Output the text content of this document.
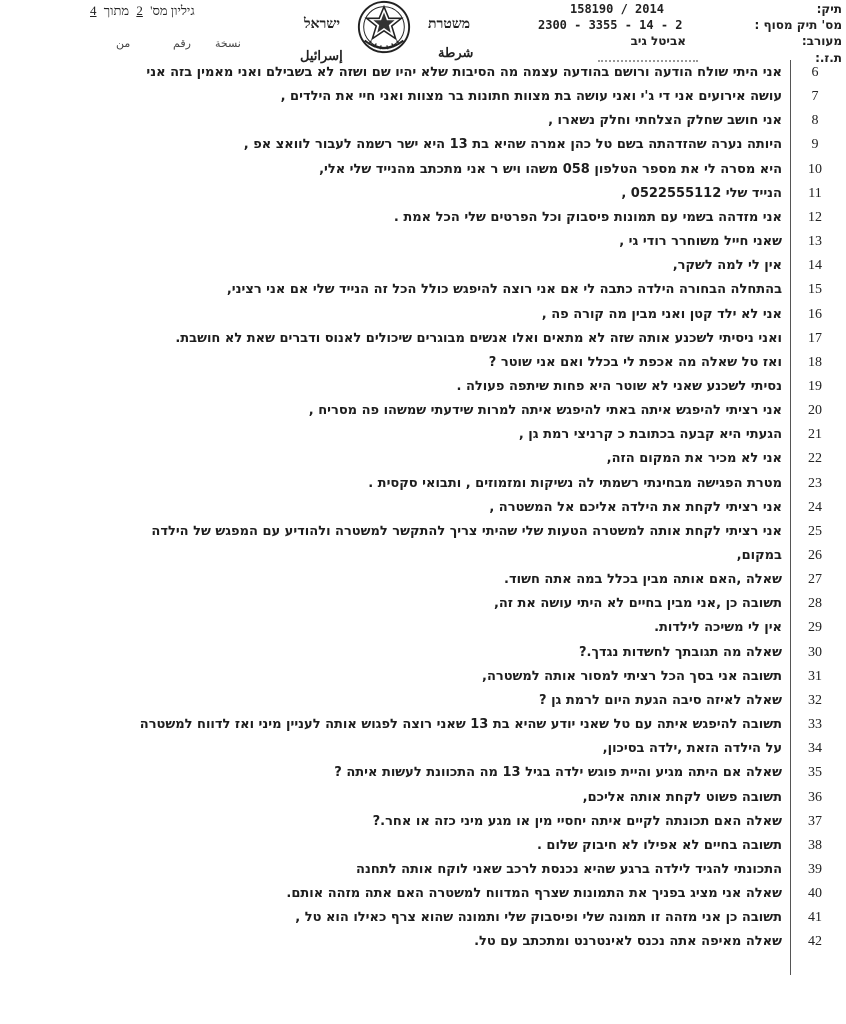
תיק:
158190 / 2014
מס' תיק מסוף :
2300 - 3355 - 14 - 2
מעורב:
אביטל גיב
ת.ז.:
משטרת
ישראל
شرطة
إسرائيل
גיליון מס' 2 מתוך 4
نسخة
رقم
من
6
אני היתי שולח הודעה ורושם בהודעה עצמה מה הסיבות שלא יהיו שם ושזה לא בשבילם ואני מאמין בזה אני
7
עושה אירועים אני די ג'י ואני עושה בת מצוות חתונות בר מצוות ואני חיי את הילדים ,
8
אני חושב שחלק הצלחתי וחלק נשארו ,
9
היותה נערה שהזדהתה בשם טל כהן אמרה שהיא בת 13 היא ישר רשמה לעבור לוואצ אפ ,
10
היא מסרה לי את מספר הטלפון 058 משהו ויש ר אני מתכתב מהנייד שלי אלי,
11
הנייד שלי 0522555112 ,
12
אני מזדהה בשמי עם תמונות פיסבוק וכל הפרטים שלי הכל אמת .
13
שאני חייל משוחרר רודי גי ,
14
אין לי למה לשקר,
15
בהתחלה הבחורה הילדה כתבה לי אם אני רוצה להיפגש כולל הכל זה הנייד שלי אם אני רציני,
16
אני לא ילד קטן ואני מבין מה קורה פה ,
17
ואני ניסיתי לשכנע אותה שזה לא מתאים ואלו אנשים מבוגרים שיכולים לאנוס ודברים שאת לא חושבת.
18
ואז טל שאלה מה אכפת לי בכלל ואם אני שוטר ?
19
נסיתי לשכנע שאני לא שוטר היא פחות שיתפה פעולה .
20
אני רציתי להיפגש איתה באתי להיפגש איתה למרות שידעתי שמשהו פה מסריח ,
21
הגעתי היא קבעה בכתובת כ קרניצי רמת גן ,
22
אני לא מכיר את המקום הזה,
23
מטרת הפגישה מבחינתי רשמתי לה נשיקות ומזמוזים , ותבואי סקסית .
24
אני רציתי לקחת את הילדה אליכם אל המשטרה ,
25
אני רציתי לקחת אותה למשטרה הטעות שלי שהיתי צריך להתקשר למשטרה ולהודיע עם המפגש של הילדה
26
במקום,
27
שאלה ,האם אותה מבין בכלל במה אתה חשוד.
28
תשובה כן ,אני מבין בחיים לא היתי עושה את זה,
29
אין לי משיכה לילדות.
30
שאלה מה תגובתך לחשדות נגדך.?
31
תשובה אני בסך הכל רציתי למסור אותה למשטרה,
32
שאלה לאיזה סיבה הגעת היום לרמת גן ?
33
תשובה להיפגש איתה עם טל שאני יודע שהיא בת 13 שאני רוצה לפגוש אותה לעניין מיני ואז לדווח למשטרה
34
על הילדה הזאת ,ילדה בסיכון,
35
שאלה אם היתה מגיע והיית פוגש ילדה בגיל 13 מה התכוונת לעשות איתה ?
36
תשובה פשוט לקחת אותה אליכם,
37
שאלה האם תכונתה לקיים איתה יחסיי מין או מגע מיני כזה או אחר.?
38
תשובה בחיים לא אפילו לא חיבוק שלום .
39
התכונתי להגיד לילדה ברגע שהיא נכנסת לרכב שאני לוקח אותה לתחנה
40
שאלה אני מציג בפניך את התמונות שצרף המדווח למשטרה האם אתה מזהה אותם.
41
תשובה כן אני מזהה זו תמונה שלי ופיסבוק שלי ותמונה שהוא צרף כאילו הוא טל ,
42
שאלה מאיפה אתה נכנס לאינטרנט ומתכתב עם טל.
